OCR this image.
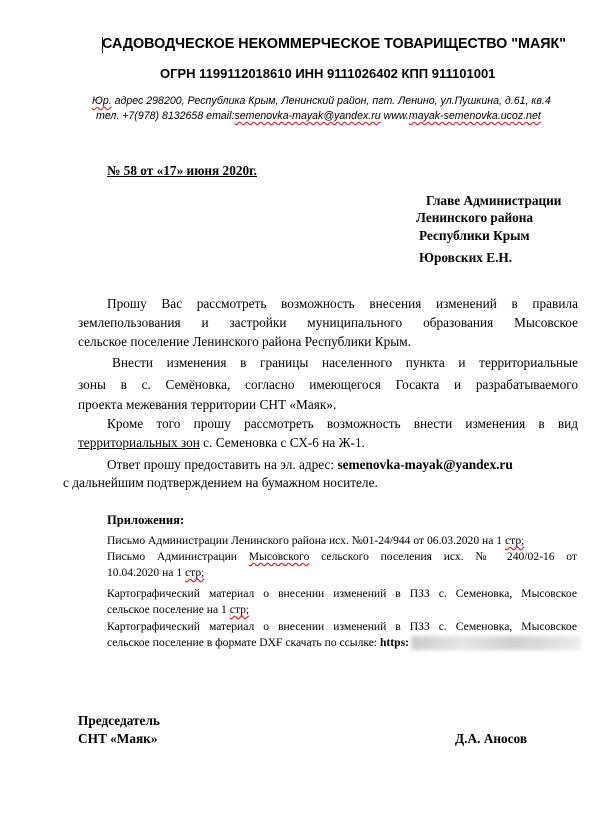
САДОВОДЧЕСКОЕ НЕКОММЕРЧЕСКОЕ ТОВАРИЩЕСТВО "МАЯК"
ОГРН 1199112018610 ИНН 9111026402 КПП 911101001
Юр. адрес 298200, Республика Крым, Ленинский район, пгт. Ленино, ул.Пушкина, д.61, кв.4
тел. +7(978) 8132658 email:semenovka-mayak@yandex.ru www.mayak-semenovka.ucoz.net
№ 58 от «17» июня 2020г.
Главе Администрации
Ленинского района
Республики Крым
Юровских Е.Н.
Прошу Вас рассмотреть возможность внесения изменений в правила
землепользования и застройки муниципального образования Мысовское
сельское поселение Ленинского района Республики Крым.
Внести изменения в границы населенного пункта и территориальные
зоны в с. Семёновка, согласно имеющегося Госакта и разрабатываемого
проекта межевания территории СНТ «Маяк».
Кроме того прошу рассмотреть возможность внести изменения в вид
территориальных зон с. Семеновка с СХ-6 на Ж-1.
Ответ прошу предоставить на эл. адрес: semenovka-mayak@yandex.ru
с дальнейшим подтверждением на бумажном носителе.
Приложения:
Письмо Администрации Ленинского района исх. №01-24/944 от 06.03.2020 на 1 стр;
Письмо Администрации Мысовского сельского поселения исх. № 240/02-16 от
10.04.2020 на 1 стр;
Картографический материал о внесении изменений в ПЗЗ с. Семеновка, Мысовское
сельское поселение на 1 стр;
Картографический материал о внесении изменений в ПЗЗ с. Семеновка, Мысовское
сельское поселение в формате DXF скачать по ссылке: https:
Председатель
СНТ «Маяк»	Д.А. Аносов
